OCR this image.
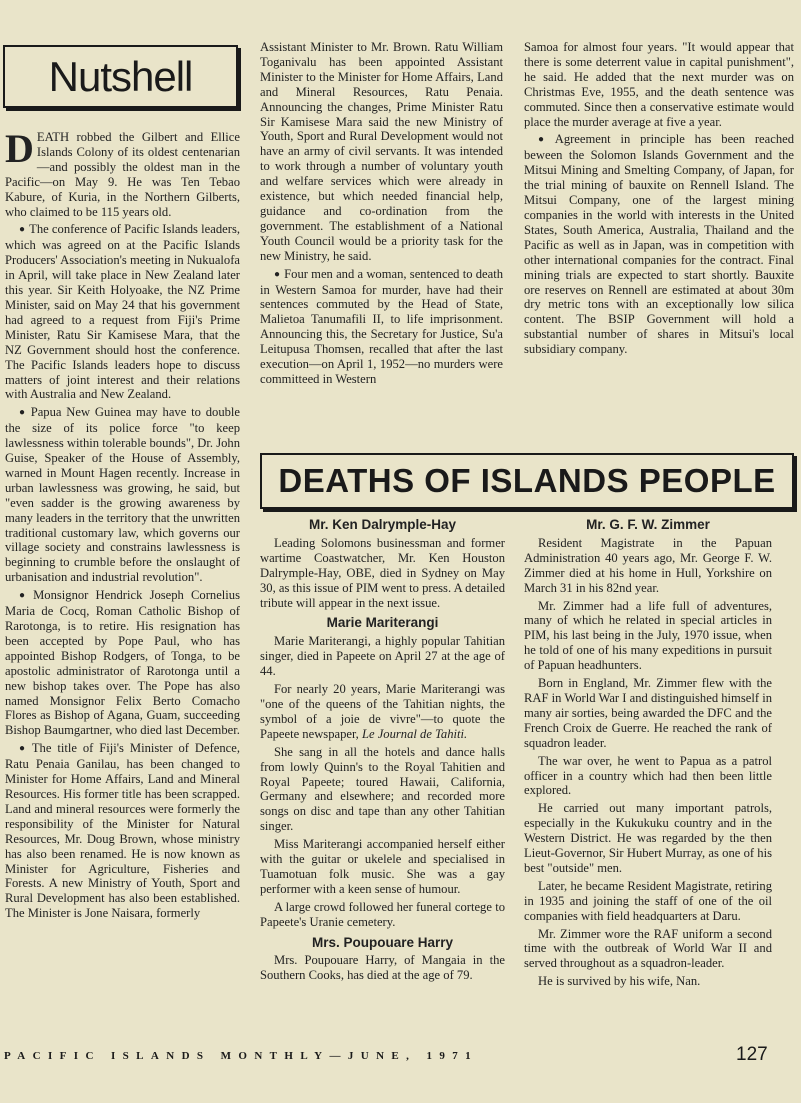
Nutshell

DEATH robbed the Gilbert and Ellice Islands Colony of its oldest centenarian—and possibly the oldest man in the Pacific—on May 9. He was Ten Tebao Kabure, of Kuria, in the Northern Gilberts, who claimed to be 115 years old.

● The conference of Pacific Islands leaders, which was agreed on at the Pacific Islands Producers' Association's meeting in Nukualofa in April, will take place in New Zealand later this year. Sir Keith Holyoake, the NZ Prime Minister, said on May 24 that his government had agreed to a request from Fiji's Prime Minister, Ratu Sir Kamisese Mara, that the NZ Government should host the conference. The Pacific Islands leaders hope to discuss matters of joint interest and their relations with Australia and New Zealand.

● Papua New Guinea may have to double the size of its police force "to keep lawlessness within tolerable bounds", Dr. John Guise, Speaker of the House of Assembly, warned in Mount Hagen recently. Increase in urban lawlessness was growing, he said, but "even sadder is the growing awareness by many leaders in the territory that the unwritten traditional customary law, which governs our village society and constrains lawlessness is beginning to crumble before the onslaught of urbanisation and industrial revolution".

● Monsignor Hendrick Joseph Cornelius Maria de Cocq, Roman Catholic Bishop of Rarotonga, is to retire. His resignation has been accepted by Pope Paul, who has appointed Bishop Rodgers, of Tonga, to be apostolic administrator of Rarotonga until a new bishop takes over. The Pope has also named Monsignor Felix Berto Comacho Flores as Bishop of Agana, Guam, succeeding Bishop Baumgartner, who died last December.

● The title of Fiji's Minister of Defence, Ratu Penaia Ganilau, has been changed to Minister for Home Affairs, Land and Mineral Resources. His former title has been scrapped. Land and mineral resources were formerly the responsibility of the Minister for Natural Resources, Mr. Doug Brown, whose ministry has also been renamed. He is now known as Minister for Agriculture, Fisheries and Forests. A new Ministry of Youth, Sport and Rural Development has also been established. The Minister is Jone Naisara, formerly

Assistant Minister to Mr. Brown. Ratu William Toganivalu has been appointed Assistant Minister to the Minister for Home Affairs, Land and Mineral Resources, Ratu Penaia. Announcing the changes, Prime Minister Ratu Sir Kamisese Mara said the new Ministry of Youth, Sport and Rural Development would not have an army of civil servants. It was intended to work through a number of voluntary youth and welfare services which were already in existence, but which needed financial help, guidance and co-ordination from the government. The establishment of a National Youth Council would be a priority task for the new Ministry, he said.

● Four men and a woman, sentenced to death in Western Samoa for murder, have had their sentences commuted by the Head of State, Malietoa Tanumafili II, to life imprisonment. Announcing this, the Secretary for Justice, Su'a Leitupusa Thomsen, recalled that after the last execution—on April 1, 1952—no murders were committeed in Western

Samoa for almost four years. "It would appear that there is some deterrent value in capital punishment", he said. He added that the next murder was on Christmas Eve, 1955, and the death sentence was commuted. Since then a conservative estimate would place the murder average at five a year.

● Agreement in principle has been reached beween the Solomon Islands Government and the Mitsui Mining and Smelting Company, of Japan, for the trial mining of bauxite on Rennell Island. The Mitsui Company, one of the largest mining companies in the world with interests in the United States, South America, Australia, Thailand and the Pacific as well as in Japan, was in competition with other international companies for the contract. Final mining trials are expected to start shortly. Bauxite ore reserves on Rennell are estimated at about 30m dry metric tons with an exceptionally low silica content. The BSIP Government will hold a substantial number of shares in Mitsui's local subsidiary company.

DEATHS OF ISLANDS PEOPLE
Mr. Ken Dalrymple-Hay

Leading Solomons businessman and former wartime Coastwatcher, Mr. Ken Houston Dalrymple-Hay, OBE, died in Sydney on May 30, as this issue of PIM went to press. A detailed tribute will appear in the next issue.

Marie Mariterangi

Marie Mariterangi, a highly popular Tahitian singer, died in Papeete on April 27 at the age of 44.

For nearly 20 years, Marie Mariterangi was "one of the queens of the Tahitian nights, the symbol of a joie de vivre"—to quote the Papeete newspaper, Le Journal de Tahiti.

She sang in all the hotels and dance halls from lowly Quinn's to the Royal Tahitien and Royal Papeete; toured Hawaii, California, Germany and elsewhere; and recorded more songs on disc and tape than any other Tahitian singer.

Miss Mariterangi accompanied herself either with the guitar or ukelele and specialised in Tuamotuan folk music. She was a gay performer with a keen sense of humour.

A large crowd followed her funeral cortege to Papeete's Uranie cemetery.

Mrs. Poupouare Harry

Mrs. Poupouare Harry, of Mangaia in the Southern Cooks, has died at the age of 79.

Mr. G. F. W. Zimmer

Resident Magistrate in the Papuan Administration 40 years ago, Mr. George F. W. Zimmer died at his home in Hull, Yorkshire on March 31 in his 82nd year.

Mr. Zimmer had a life full of adventures, many of which he related in special articles in PIM, his last being in the July, 1970 issue, when he told of one of his many expeditions in pursuit of Papuan headhunters.

Born in England, Mr. Zimmer flew with the RAF in World War I and distinguished himself in many air sorties, being awarded the DFC and the French Croix de Guerre. He reached the rank of squadron leader.

The war over, he went to Papua as a patrol officer in a country which had then been little explored.

He carried out many important patrols, especially in the Kukukuku country and in the Western District. He was regarded by the then Lieut-Governor, Sir Hubert Murray, as one of his best "outside" men.

Later, he became Resident Magistrate, retiring in 1935 and joining the staff of one of the oil companies with field headquarters at Daru.

Mr. Zimmer wore the RAF uniform a second time with the outbreak of World War II and served throughout as a squadron-leader.

He is survived by his wife, Nan.

PACIFIC ISLANDS MONTHLY—JUNE, 1971	127
